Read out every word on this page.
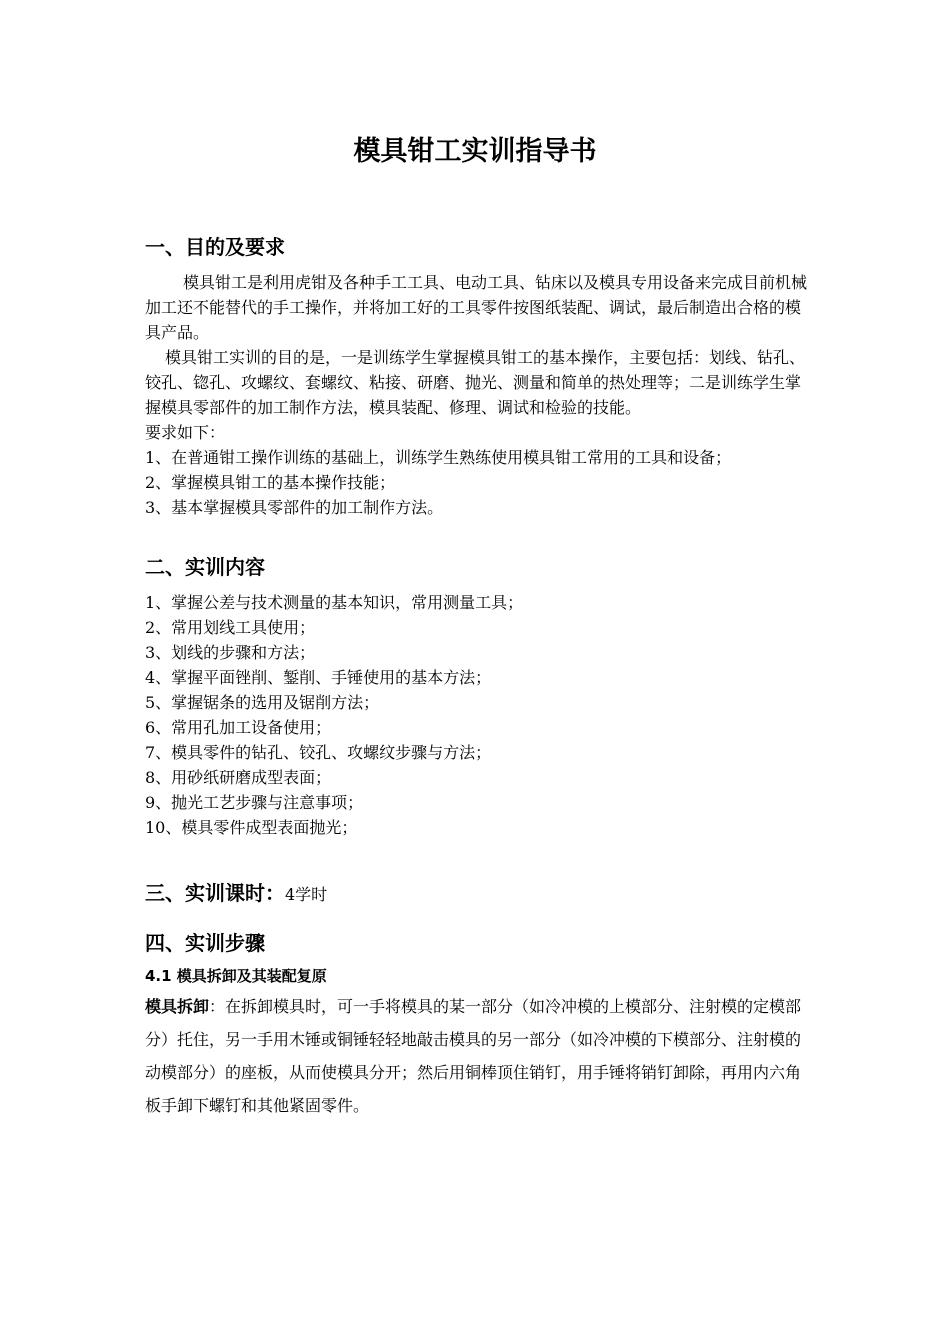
模具钳工实训指导书
一、目的及要求

模具钳工是利用虎钳及各种手工工具、电动工具、钻床以及模具专用设备来完成目前机械加工还不能替代的手工操作，并将加工好的工具零件按图纸装配、调试，最后制造出合格的模具产品。

模具钳工实训的目的是，一是训练学生掌握模具钳工的基本操作，主要包括：划线、钻孔、铰孔、锪孔、攻螺纹、套螺纹、粘接、研磨、抛光、测量和简单的热处理等；二是训练学生掌握模具零部件的加工制作方法，模具装配、修理、调试和检验的技能。

要求如下：

1、在普通钳工操作训练的基础上，训练学生熟练使用模具钳工常用的工具和设备；

2、掌握模具钳工的基本操作技能；

3、基本掌握模具零部件的加工制作方法。

二、实训内容

1、掌握公差与技术测量的基本知识，常用测量工具；

2、常用划线工具使用；

3、划线的步骤和方法；

4、掌握平面锉削、錾削、手锤使用的基本方法；

5、掌握锯条的选用及锯削方法；

6、常用孔加工设备使用；

7、模具零件的钻孔、铰孔、攻螺纹步骤与方法；

8、用砂纸研磨成型表面；

9、抛光工艺步骤与注意事项；

10、模具零件成型表面抛光；

三、实训课时：4学时
四、实训步骤

4.1 模具拆卸及其装配复原

模具拆卸：在拆卸模具时，可一手将模具的某一部分（如冷冲模的上模部分、注射模的定模部分）托住，另一手用木锤或铜锤轻轻地敲击模具的另一部分（如冷冲模的下模部分、注射模的动模部分）的座板，从而使模具分开；然后用铜棒顶住销钉，用手锤将销钉卸除，再用内六角板手卸下螺钉和其他紧固零件。
